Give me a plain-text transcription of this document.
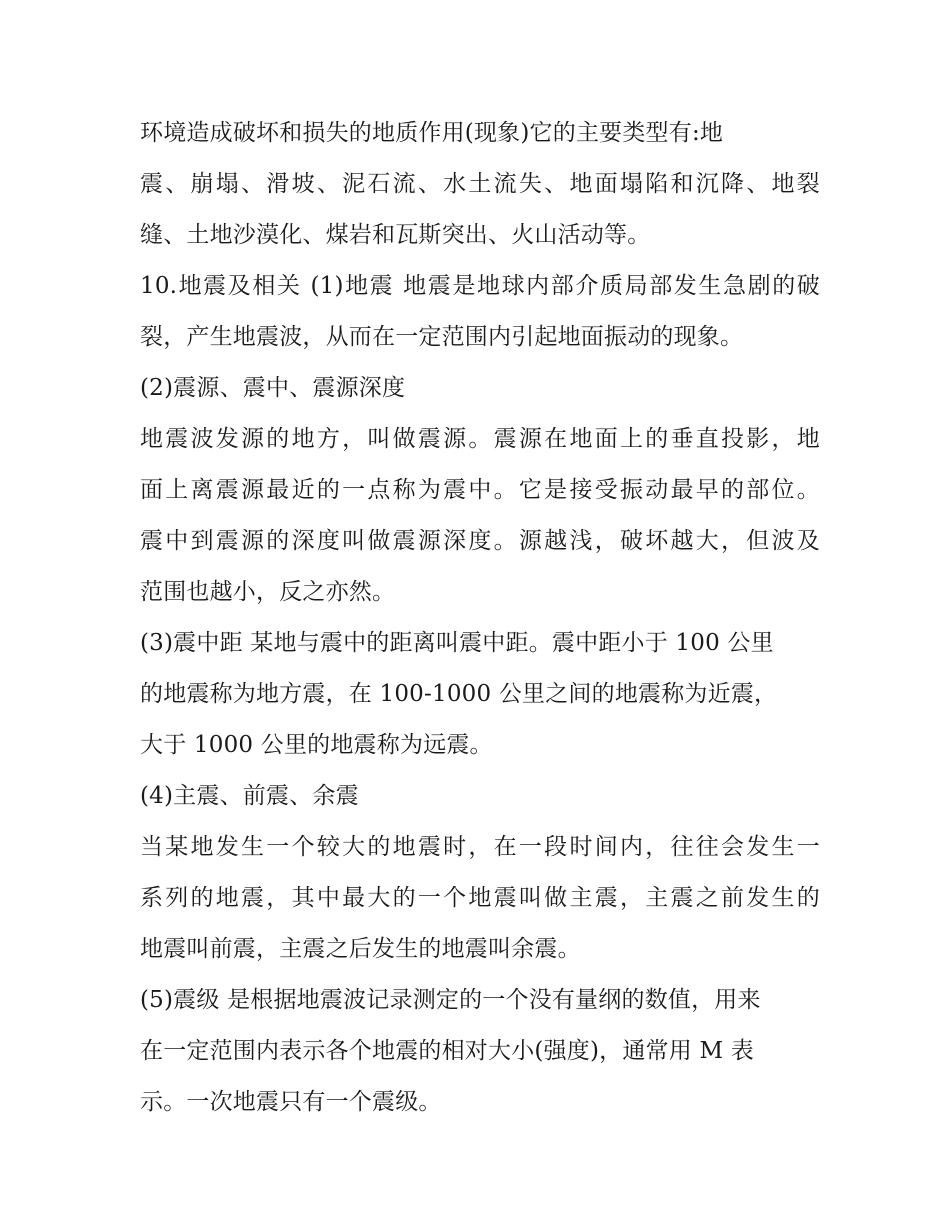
环境造成破坏和损失的地质作用(现象)它的主要类型有:地
震、崩塌、滑坡、泥石流、水土流失、地面塌陷和沉降、地裂
缝、土地沙漠化、煤岩和瓦斯突出、火山活动等。
10.地震及相关 (1)地震 地震是地球内部介质局部发生急剧的破
裂，产生地震波，从而在一定范围内引起地面振动的现象。
(2)震源、震中、震源深度
地震波发源的地方，叫做震源。震源在地面上的垂直投影，地
面上离震源最近的一点称为震中。它是接受振动最早的部位。
震中到震源的深度叫做震源深度。源越浅，破坏越大，但波及
范围也越小，反之亦然。
(3)震中距 某地与震中的距离叫震中距。震中距小于 100 公里
的地震称为地方震，在 100-1000 公里之间的地震称为近震，
大于 1000 公里的地震称为远震。
(4)主震、前震、余震
当某地发生一个较大的地震时，在一段时间内，往往会发生一
系列的地震，其中最大的一个地震叫做主震，主震之前发生的
地震叫前震，主震之后发生的地震叫余震。
(5)震级 是根据地震波记录测定的一个没有量纲的数值，用来
在一定范围内表示各个地震的相对大小(强度)，通常用 M 表
示。一次地震只有一个震级。
